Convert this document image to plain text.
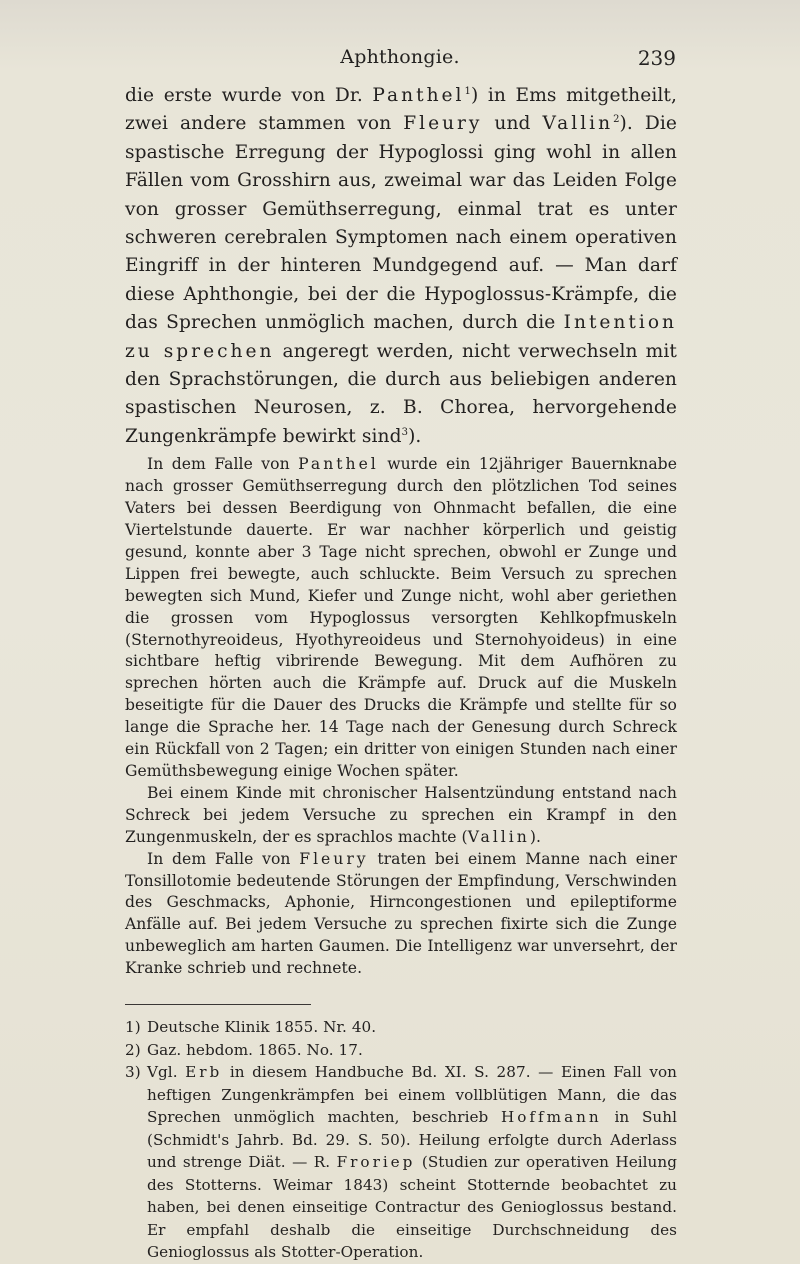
Aphthongie.	239

die erste wurde von Dr. Panthel$^1$) in Ems mitgetheilt, zwei andere stammen von Fleury und Vallin$^2$). Die spastische Erregung der Hypoglossi ging wohl in allen Fällen vom Grosshirn aus, zweimal war das Leiden Folge von grosser Gemüthserregung, einmal trat es unter schweren cerebralen Symptomen nach einem operativen Eingriff in der hinteren Mundgegend auf. — Man darf diese Aphthongie, bei der die Hypoglossus-Krämpfe, die das Sprechen unmöglich machen, durch die Intention zu sprechen angeregt werden, nicht verwechseln mit den Sprachstörungen, die durch aus beliebigen anderen spastischen Neurosen, z. B. Chorea, hervorgehende Zungenkrämpfe bewirkt sind$^3$).

In dem Falle von Panthel wurde ein 12jähriger Bauernknabe nach grosser Gemüthserregung durch den plötzlichen Tod seines Vaters bei dessen Beerdigung von Ohnmacht befallen, die eine Viertelstunde dauerte. Er war nachher körperlich und geistig gesund, konnte aber 3 Tage nicht sprechen, obwohl er Zunge und Lippen frei bewegte, auch schluckte. Beim Versuch zu sprechen bewegten sich Mund, Kiefer und Zunge nicht, wohl aber geriethen die grossen vom Hypoglossus versorgten Kehlkopfmuskeln (Sternothyreoideus, Hyothyreoideus und Sternohyoideus) in eine sichtbare heftig vibrirende Bewegung. Mit dem Aufhören zu sprechen hörten auch die Krämpfe auf. Druck auf die Muskeln beseitigte für die Dauer des Drucks die Krämpfe und stellte für so lange die Sprache her. 14 Tage nach der Genesung durch Schreck ein Rückfall von 2 Tagen; ein dritter von einigen Stunden nach einer Gemüthsbewegung einige Wochen später.

Bei einem Kinde mit chronischer Halsentzündung entstand nach Schreck bei jedem Versuche zu sprechen ein Krampf in den Zungenmuskeln, der es sprachlos machte (Vallin).

In dem Falle von Fleury traten bei einem Manne nach einer Tonsillotomie bedeutende Störungen der Empfindung, Verschwinden des Geschmacks, Aphonie, Hirncongestionen und epileptiforme Anfälle auf. Bei jedem Versuche zu sprechen fixirte sich die Zunge unbeweglich am harten Gaumen. Die Intelligenz war unversehrt, der Kranke schrieb und rechnete.

1) Deutsche Klinik 1855. Nr. 40.

2) Gaz. hebdom. 1865. No. 17.

3) Vgl. Erb in diesem Handbuche Bd. XI. S. 287. — Einen Fall von heftigen Zungenkrämpfen bei einem vollblütigen Mann, die das Sprechen unmöglich machten, beschrieb Hoffmann in Suhl (Schmidt's Jahrb. Bd. 29. S. 50). Heilung erfolgte durch Aderlass und strenge Diät. — R. Froriep (Studien zur operativen Heilung des Stotterns. Weimar 1843) scheint Stotternde beobachtet zu haben, bei denen einseitige Contractur des Genioglossus bestand. Er empfahl deshalb die einseitige Durchschneidung des Genioglossus als Stotter-Operation.
